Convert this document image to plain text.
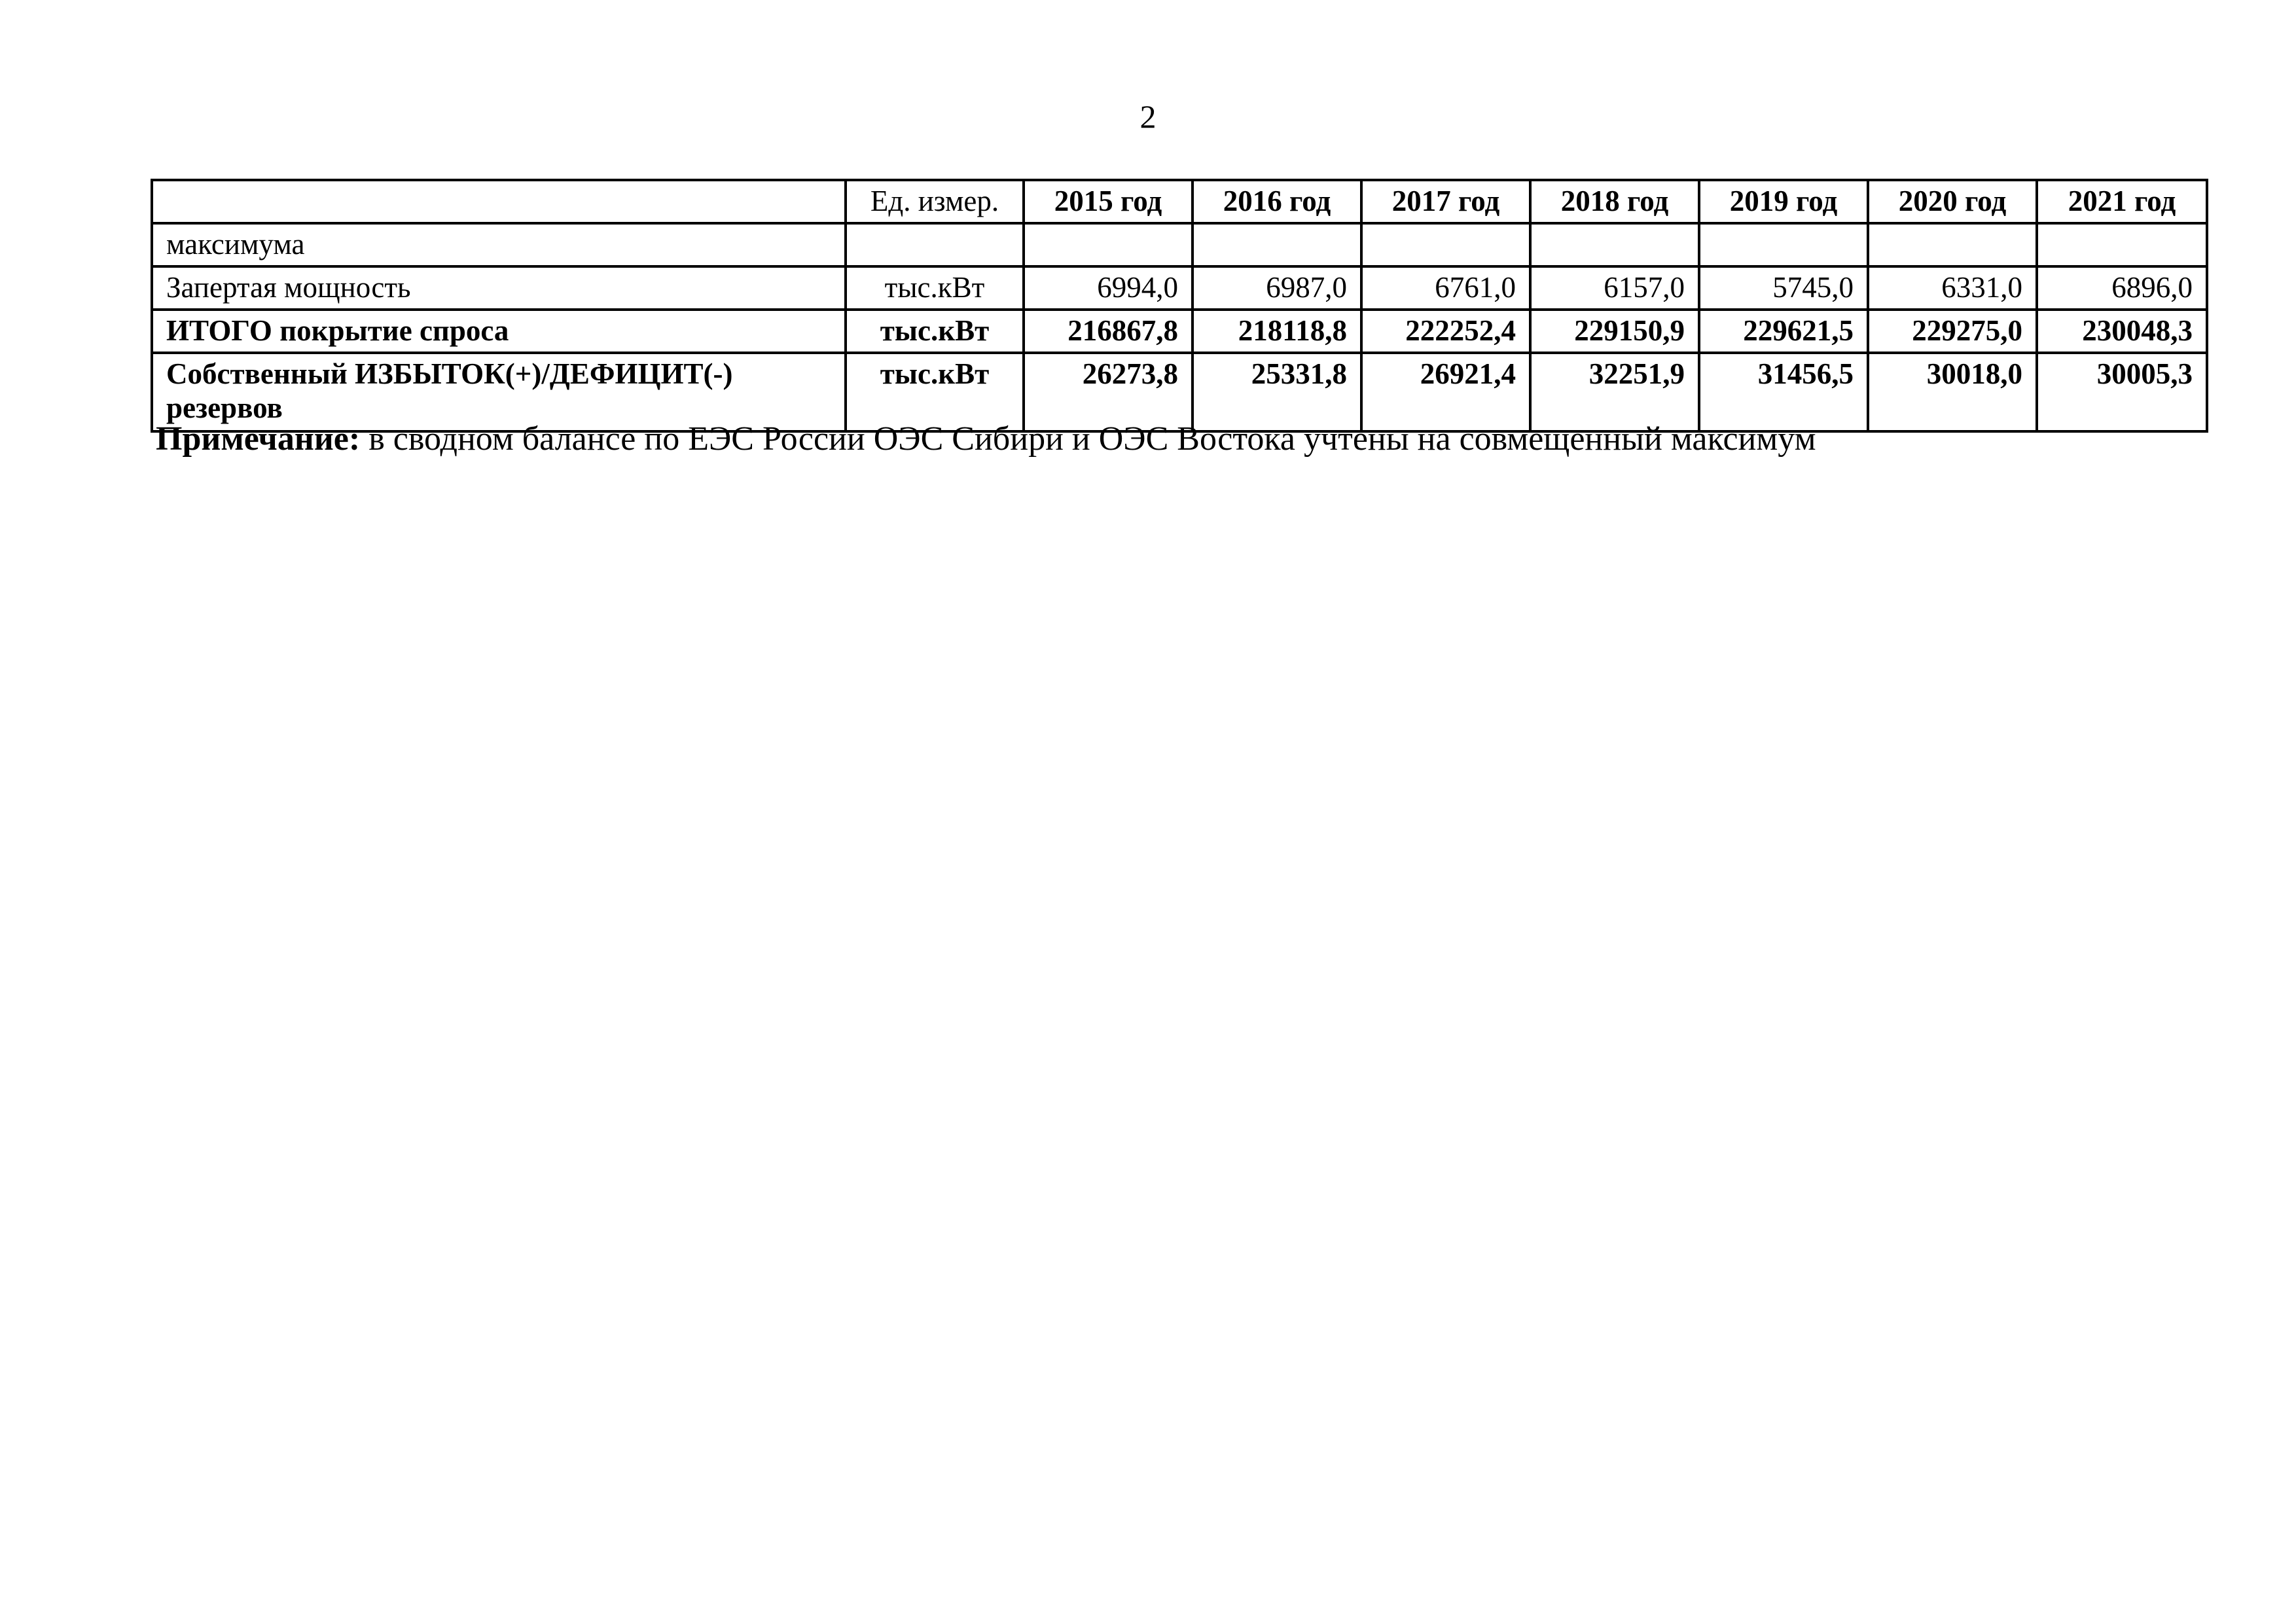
2
	Ед. измер.	2015 год	2016 год	2017 год	2018 год	2019 год	2020 год	2021 год
максимума								
Запертая мощность	тыс.кВт	6994,0	6987,0	6761,0	6157,0	5745,0	6331,0	6896,0
ИТОГО покрытие спроса	тыс.кВт	216867,8	218118,8	222252,4	229150,9	229621,5	229275,0	230048,3
Собственный ИЗБЫТОК(+)/ДЕФИЦИТ(-) резервов	тыс.кВт	26273,8	25331,8	26921,4	32251,9	31456,5	30018,0	30005,3
Примечание: в сводном балансе по ЕЭС России ОЭС Сибири и ОЭС Востока учтены на совмещенный максимум
